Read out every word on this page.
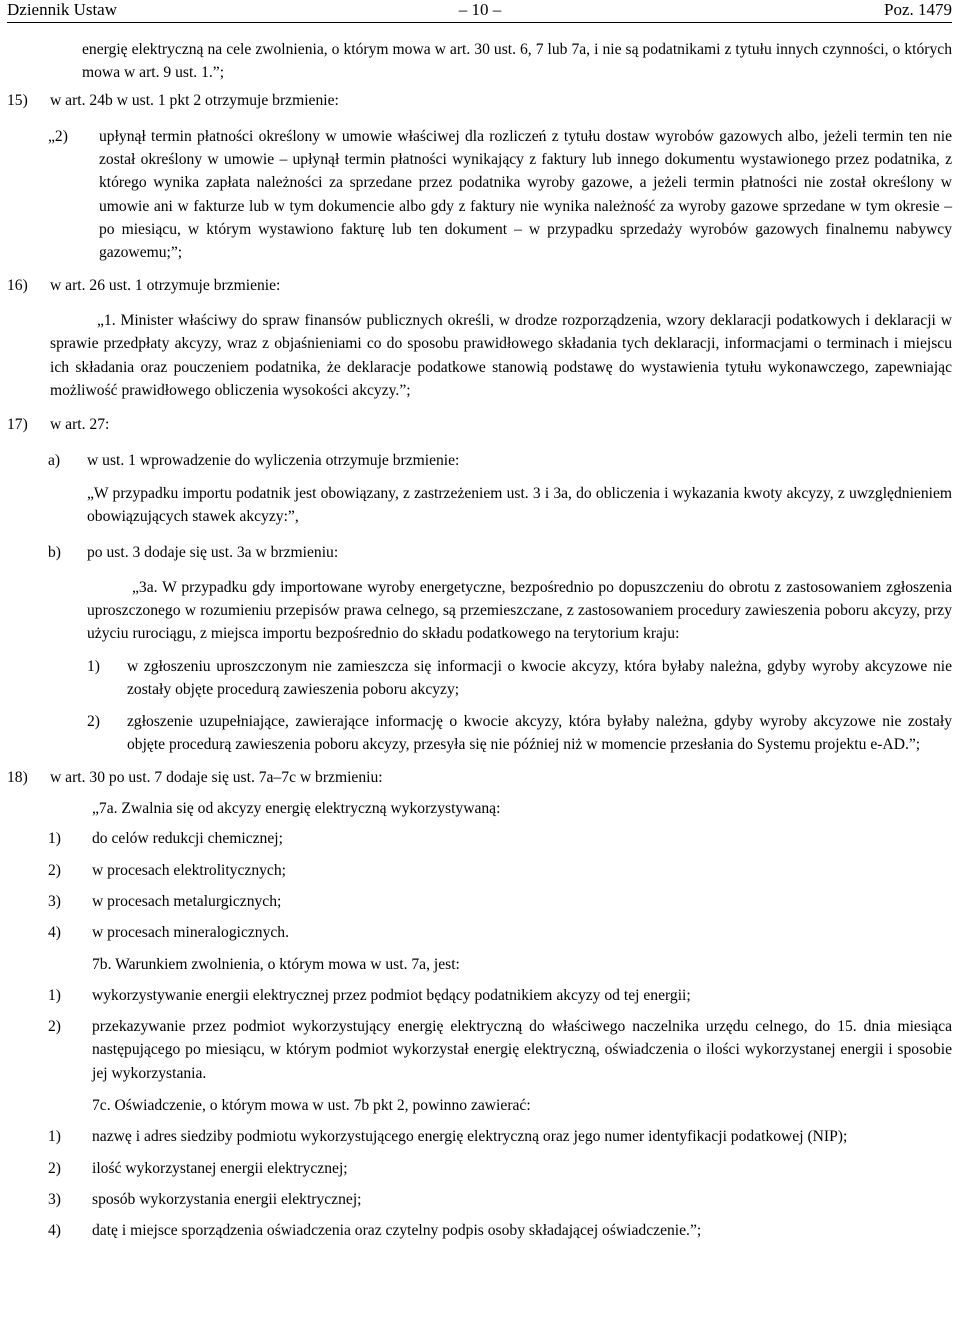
Dziennik Ustaw	– 10 –	Poz. 1479

energię elektryczną na cele zwolnienia, o którym mowa w art. 30 ust. 6, 7 lub 7a, i nie są podatnikami z tytułu innych czynności, o których mowa w art. 9 ust. 1.”;

15) w art. 24b w ust. 1 pkt 2 otrzymuje brzmienie:
„2) upłynął termin płatności określony w umowie właściwej dla rozliczeń z tytułu dostaw wyrobów gazowych albo, jeżeli termin ten nie został określony w umowie – upłynął termin płatności wynikający z faktury lub innego dokumentu wystawionego przez podatnika, z którego wynika zapłata należności za sprzedane przez podatnika wyroby gazowe, a jeżeli termin płatności nie został określony w umowie ani w fakturze lub w tym dokumencie albo gdy z faktury nie wynika należność za wyroby gazowe sprzedane w tym okresie – po miesiącu, w którym wystawiono fakturę lub ten dokument – w przypadku sprzedaży wyrobów gazowych finalnemu nabywcy gazowemu;”;
16) w art. 26 ust. 1 otrzymuje brzmienie:

„1. Minister właściwy do spraw finansów publicznych określi, w drodze rozporządzenia, wzory deklaracji podatkowych i deklaracji w sprawie przedpłaty akcyzy, wraz z objaśnieniami co do sposobu prawidłowego składania tych deklaracji, informacjami o terminach i miejscu ich składania oraz pouczeniem podatnika, że deklaracje podatkowe stanowią podstawę do wystawienia tytułu wykonawczego, zapewniając możliwość prawidłowego obliczenia wysokości akcyzy.”;

17) w art. 27:
a) w ust. 1 wprowadzenie do wyliczenia otrzymuje brzmienie:

„W przypadku importu podatnik jest obowiązany, z zastrzeżeniem ust. 3 i 3a, do obliczenia i wykazania kwoty akcyzy, z uwzględnieniem obowiązujących stawek akcyzy:”,

b) po ust. 3 dodaje się ust. 3a w brzmieniu:

„3a. W przypadku gdy importowane wyroby energetyczne, bezpośrednio po dopuszczeniu do obrotu z zastosowaniem zgłoszenia uproszczonego w rozumieniu przepisów prawa celnego, są przemieszczane, z zastosowaniem procedury zawieszenia poboru akcyzy, przy użyciu rurociągu, z miejsca importu bezpośrednio do składu podatkowego na terytorium kraju:

1) w zgłoszeniu uproszczonym nie zamieszcza się informacji o kwocie akcyzy, która byłaby należna, gdyby wyroby akcyzowe nie zostały objęte procedurą zawieszenia poboru akcyzy;
2) zgłoszenie uzupełniające, zawierające informację o kwocie akcyzy, która byłaby należna, gdyby wyroby akcyzowe nie zostały objęte procedurą zawieszenia poboru akcyzy, przesyła się nie później niż w momencie przesłania do Systemu projektu e-AD.”;
18) w art. 30 po ust. 7 dodaje się ust. 7a–7c w brzmieniu:

„7a. Zwalnia się od akcyzy energię elektryczną wykorzystywaną:

1) do celów redukcji chemicznej;
2) w procesach elektrolitycznych;
3) w procesach metalurgicznych;
4) w procesach mineralogicznych.

7b. Warunkiem zwolnienia, o którym mowa w ust. 7a, jest:

1) wykorzystywanie energii elektrycznej przez podmiot będący podatnikiem akcyzy od tej energii;
2) przekazywanie przez podmiot wykorzystujący energię elektryczną do właściwego naczelnika urzędu celnego, do 15. dnia miesiąca następującego po miesiącu, w którym podmiot wykorzystał energię elektryczną, oświadczenia o ilości wykorzystanej energii i sposobie jej wykorzystania.

7c. Oświadczenie, o którym mowa w ust. 7b pkt 2, powinno zawierać:

1) nazwę i adres siedziby podmiotu wykorzystującego energię elektryczną oraz jego numer identyfikacji podatkowej (NIP);
2) ilość wykorzystanej energii elektrycznej;
3) sposób wykorzystania energii elektrycznej;
4) datę i miejsce sporządzenia oświadczenia oraz czytelny podpis osoby składającej oświadczenie.”;
